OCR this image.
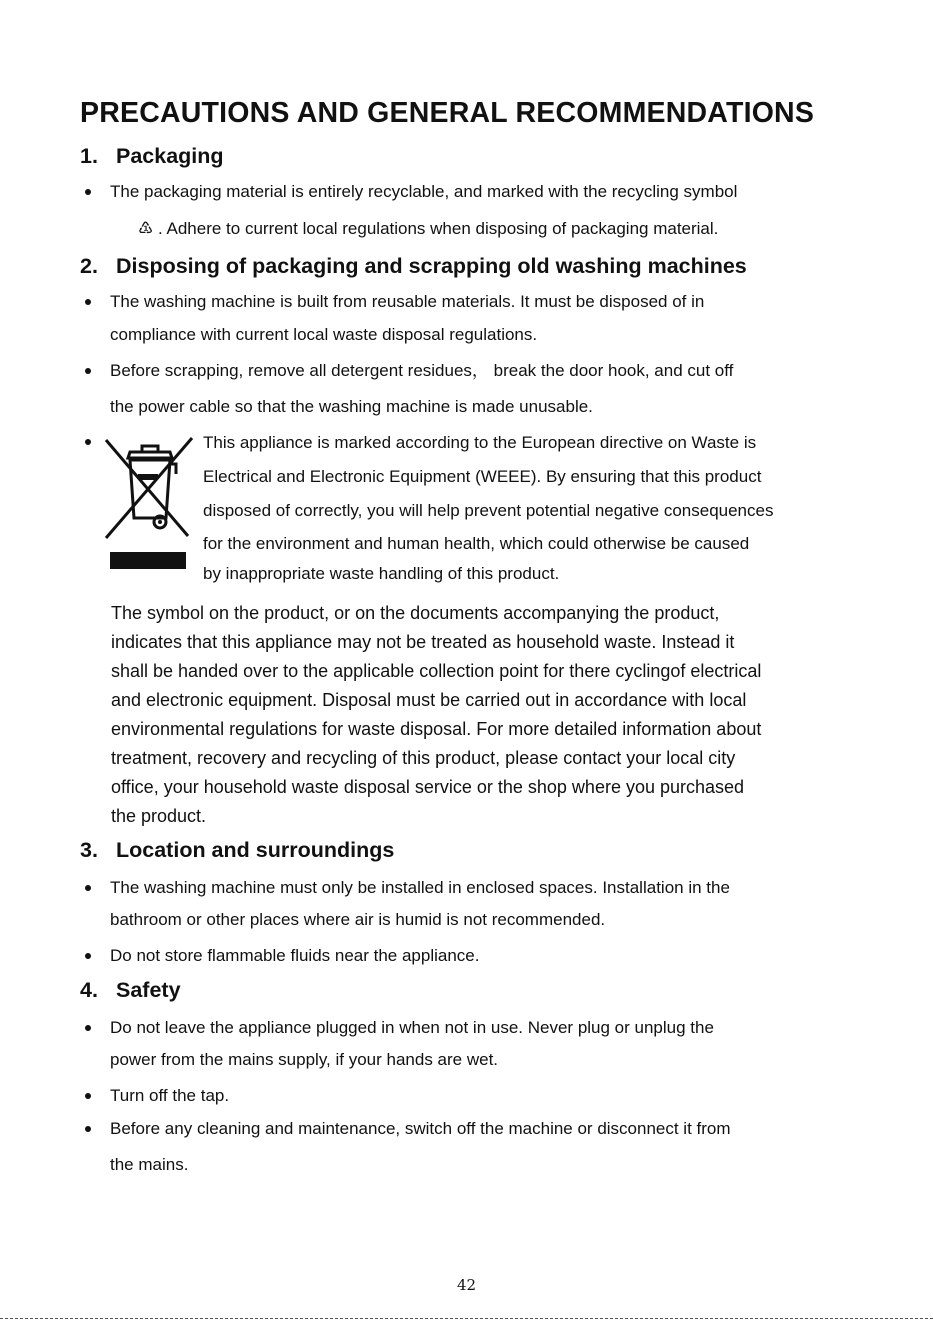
PRECAUTIONS AND GENERAL RECOMMENDATIONS
1. Packaging
The packaging material is entirely recyclable, and marked with the recycling symbol
♳ . Adhere to current local regulations when disposing of packaging material.
2. Disposing of packaging and scrapping old washing machines
The washing machine is built from reusable materials. It must be disposed of in
compliance with current local waste disposal regulations.
Before scrapping, remove all detergent residues， break the door hook, and cut off
the power cable so that the washing machine is made unusable.
This appliance is marked according to the European directive on Waste is
Electrical and Electronic Equipment (WEEE). By ensuring that this product
disposed of correctly, you will help prevent potential negative consequences
for the environment and human health, which could otherwise be caused
by inappropriate waste handling of this product.
The symbol on the product, or on the documents accompanying the product,
indicates that this appliance may not be treated as household waste. Instead it
shall be handed over to the applicable collection point for there cyclingof electrical
and electronic equipment. Disposal must be carried out in accordance with local
environmental regulations for waste disposal. For more detailed information about
treatment, recovery and recycling of this product, please contact your local city
office, your household waste disposal service or the shop where you purchased
the product.
3. Location and surroundings
The washing machine must only be installed in enclosed spaces. Installation in the
bathroom or other places where air is humid is not recommended.
Do not store flammable fluids near the appliance.
4. Safety
Do not leave the appliance plugged in when not in use. Never plug or unplug the
power from the mains supply, if your hands are wet.
Turn off the tap.
Before any cleaning and maintenance, switch off the machine or disconnect it from
the mains.
42
